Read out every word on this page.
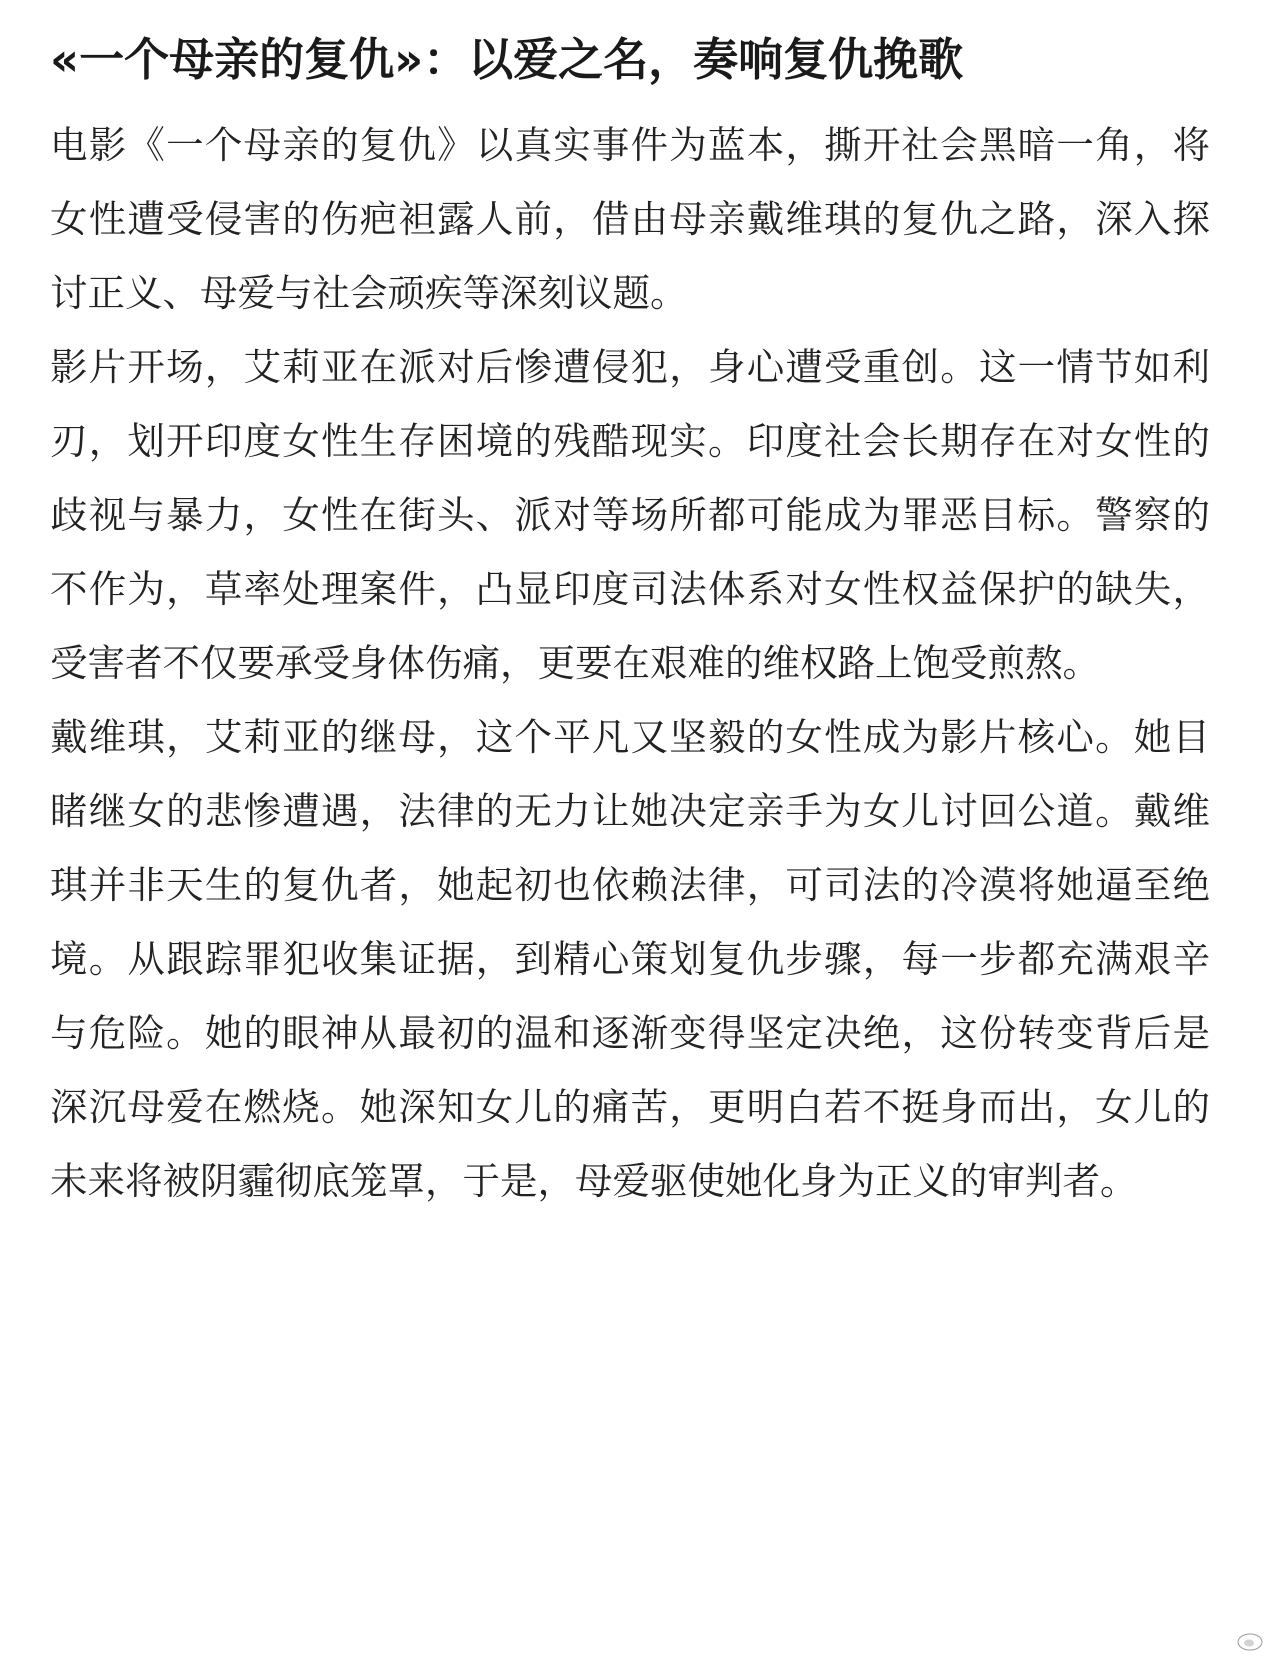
«一个母亲的复仇»：以爱之名，奏响复仇挽歌

电影《一个母亲的复仇》以真实事件为蓝本，撕开社会黑暗一角，将女性遭受侵害的伤疤袒露人前，借由母亲戴维琪的复仇之路，深入探讨正义、母爱与社会顽疾等深刻议题。

影片开场，艾莉亚在派对后惨遭侵犯，身心遭受重创。这一情节如利刃，划开印度女性生存困境的残酷现实。印度社会长期存在对女性的歧视与暴力，女性在街头、派对等场所都可能成为罪恶目标。警察的不作为，草率处理案件，凸显印度司法体系对女性权益保护的缺失，受害者不仅要承受身体伤痛，更要在艰难的维权路上饱受煎熬。

戴维琪，艾莉亚的继母，这个平凡又坚毅的女性成为影片核心。她目睹继女的悲惨遭遇，法律的无力让她决定亲手为女儿讨回公道。戴维琪并非天生的复仇者，她起初也依赖法律，可司法的冷漠将她逼至绝境。从跟踪罪犯收集证据，到精心策划复仇步骤，每一步都充满艰辛与危险。她的眼神从最初的温和逐渐变得坚定决绝，这份转变背后是深沉母爱在燃烧。她深知女儿的痛苦，更明白若不挺身而出，女儿的未来将被阴霾彻底笼罩，于是，母爱驱使她化身为正义的审判者。
